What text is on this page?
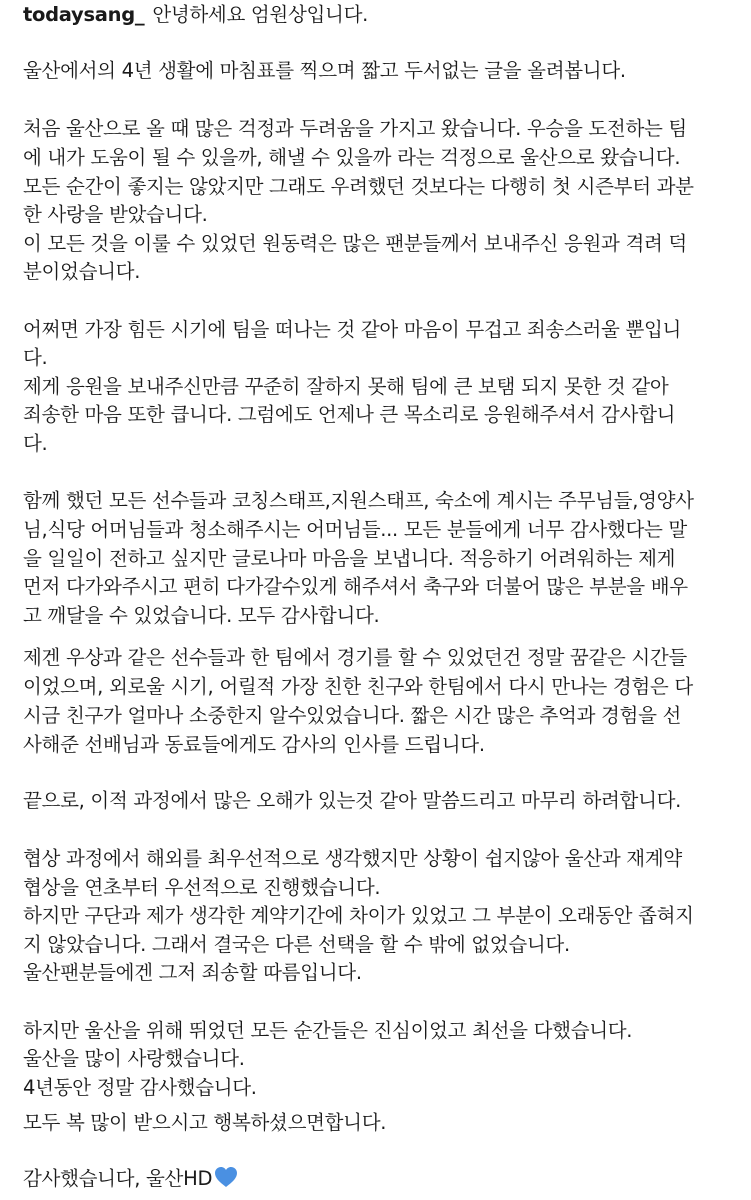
todaysang_ 안녕하세요 엄원상입니다.
울산에서의 4년 생활에 마침표를 찍으며 짧고 두서없는 글을 올려봅니다.
처음 울산으로 올 때 많은 걱정과 두려움을 가지고 왔습니다. 우승을 도전하는 팀
에 내가 도움이 될 수 있을까, 해낼 수 있을까 라는 걱정으로 울산으로 왔습니다.
모든 순간이 좋지는 않았지만 그래도 우려했던 것보다는 다행히 첫 시즌부터 과분
한 사랑을 받았습니다.
이 모든 것을 이룰 수 있었던 원동력은 많은 팬분들께서 보내주신 응원과 격려 덕
분이었습니다.
어쩌면 가장 힘든 시기에 팀을 떠나는 것 같아 마음이 무겁고 죄송스러울 뿐입니
다.
제게 응원을 보내주신만큼 꾸준히 잘하지 못해 팀에 큰 보탬 되지 못한 것 같아
죄송한 마음 또한 큽니다. 그럼에도 언제나 큰 목소리로 응원해주셔서 감사합니
다.
함께 했던 모든 선수들과 코칭스태프,지원스태프, 숙소에 계시는 주무님들,영양사
님,식당 어머님들과 청소해주시는 어머님들... 모든 분들에게 너무 감사했다는 말
을 일일이 전하고 싶지만 글로나마 마음을 보냅니다. 적응하기 어려워하는 제게
먼저 다가와주시고 편히 다가갈수있게 해주셔서 축구와 더불어 많은 부분을 배우
고 깨달을 수 있었습니다. 모두 감사합니다.
제겐 우상과 같은 선수들과 한 팀에서 경기를 할 수 있었던건 정말 꿈같은 시간들
이었으며, 외로울 시기, 어릴적 가장 친한 친구와 한팀에서 다시 만나는 경험은 다
시금 친구가 얼마나 소중한지 알수있었습니다. 짧은 시간 많은 추억과 경험을 선
사해준 선배님과 동료들에게도 감사의 인사를 드립니다.
끝으로, 이적 과정에서 많은 오해가 있는것 같아 말씀드리고 마무리 하려합니다.
협상 과정에서 해외를 최우선적으로 생각했지만 상황이 쉽지않아 울산과 재계약
협상을 연초부터 우선적으로 진행했습니다.
하지만 구단과 제가 생각한 계약기간에 차이가 있었고 그 부분이 오래동안 좁혀지
지 않았습니다. 그래서 결국은 다른 선택을 할 수 밖에 없었습니다.
울산팬분들에겐 그저 죄송할 따름입니다.
하지만 울산을 위해 뛰었던 모든 순간들은 진심이었고 최선을 다했습니다.
울산을 많이 사랑했습니다.
4년동안 정말 감사했습니다.
모두 복 많이 받으시고 행복하셨으면합니다.
감사했습니다, 울산HD
